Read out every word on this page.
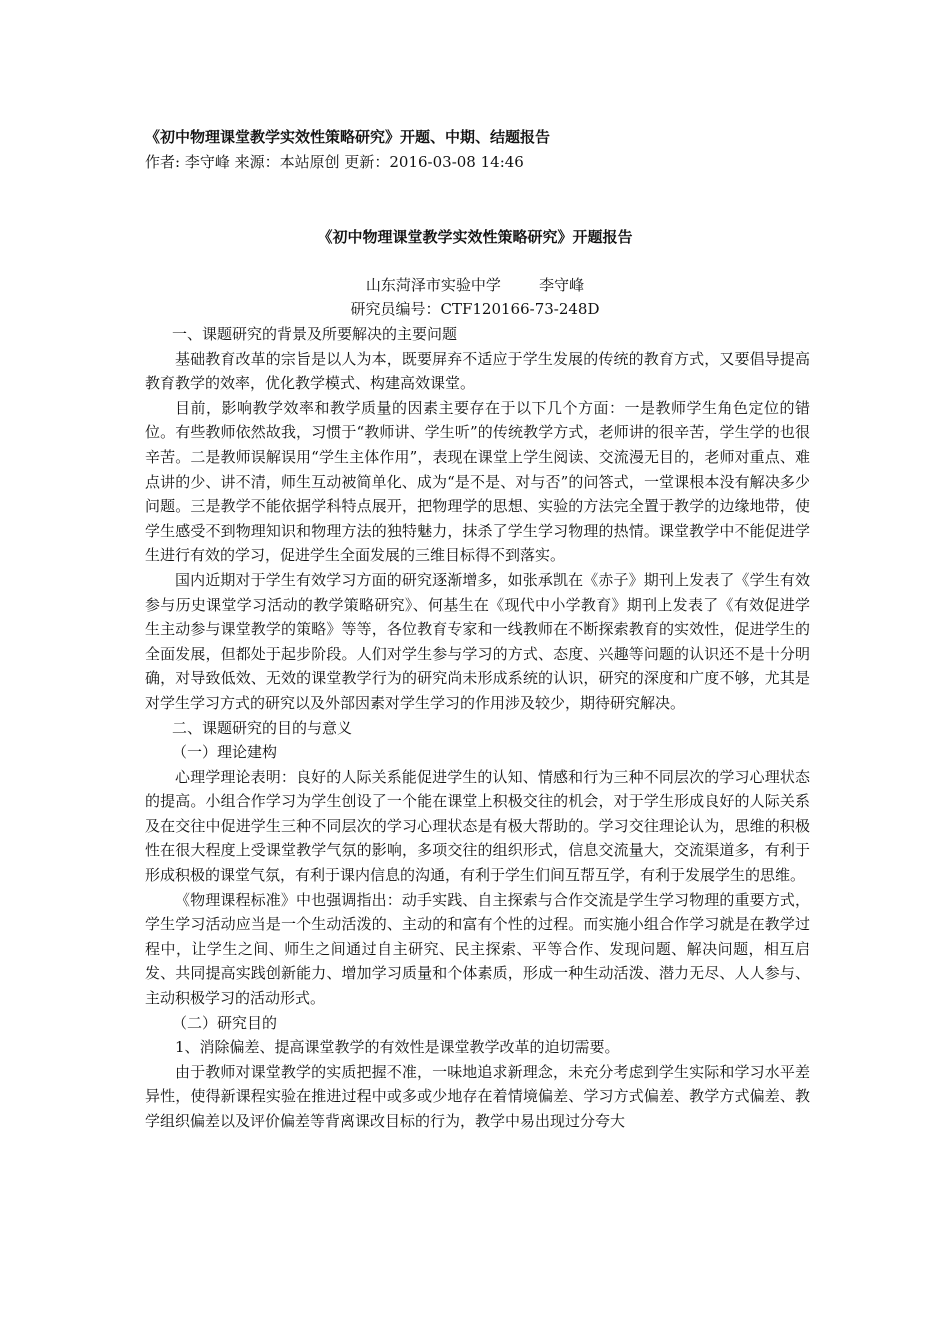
《初中物理课堂教学实效性策略研究》开题、中期、结题报告
作者: 李守峰 来源：本站原创 更新：2016-03-08 14:46
《初中物理课堂教学实效性策略研究》开题报告
山东菏泽市实验中学        李守峰
研究员编号：CTF120166-73-248D

一、课题研究的背景及所要解决的主要问题

基础教育改革的宗旨是以人为本，既要屏弃不适应于学生发展的传统的教育方式，又要倡导提高教育教学的效率，优化教学模式、构建高效课堂。

目前，影响教学效率和教学质量的因素主要存在于以下几个方面：一是教师学生角色定位的错位。有些教师依然故我，习惯于“教师讲、学生听”的传统教学方式，老师讲的很辛苦，学生学的也很辛苦。二是教师误解误用“学生主体作用”，表现在课堂上学生阅读、交流漫无目的，老师对重点、难点讲的少、讲不清，师生互动被简单化、成为“是不是、对与否”的问答式，一堂课根本没有解决多少问题。三是教学不能依据学科特点展开，把物理学的思想、实验的方法完全置于教学的边缘地带，使学生感受不到物理知识和物理方法的独特魅力，抹杀了学生学习物理的热情。课堂教学中不能促进学生进行有效的学习，促进学生全面发展的三维目标得不到落实。

国内近期对于学生有效学习方面的研究逐渐增多，如张承凯在《赤子》期刊上发表了《学生有效参与历史课堂学习活动的教学策略研究》、何基生在《现代中小学教育》期刊上发表了《有效促进学生主动参与课堂教学的策略》等等，各位教育专家和一线教师在不断探索教育的实效性，促进学生的全面发展，但都处于起步阶段。人们对学生参与学习的方式、态度、兴趣等问题的认识还不是十分明确，对导致低效、无效的课堂教学行为的研究尚未形成系统的认识，研究的深度和广度不够，尤其是对学生学习方式的研究以及外部因素对学生学习的作用涉及较少，期待研究解决。

二、课题研究的目的与意义

（一）理论建构

心理学理论表明：良好的人际关系能促进学生的认知、情感和行为三种不同层次的学习心理状态的提高。小组合作学习为学生创设了一个能在课堂上积极交往的机会，对于学生形成良好的人际关系及在交往中促进学生三种不同层次的学习心理状态是有极大帮助的。学习交往理论认为，思维的积极性在很大程度上受课堂教学气氛的影响，多项交往的组织形式，信息交流量大，交流渠道多，有利于形成积极的课堂气氛，有利于课内信息的沟通，有利于学生们间互帮互学，有利于发展学生的思维。

《物理课程标准》中也强调指出：动手实践、自主探索与合作交流是学生学习物理的重要方式，学生学习活动应当是一个生动活泼的、主动的和富有个性的过程。而实施小组合作学习就是在教学过程中，让学生之间、师生之间通过自主研究、民主探索、平等合作、发现问题、解决问题，相互启发、共同提高实践创新能力、增加学习质量和个体素质，形成一种生动活泼、潜力无尽、人人参与、主动积极学习的活动形式。

（二）研究目的

1、消除偏差、提高课堂教学的有效性是课堂教学改革的迫切需要。

由于教师对课堂教学的实质把握不准，一味地追求新理念，未充分考虑到学生实际和学习水平差异性，使得新课程实验在推进过程中或多或少地存在着情境偏差、学习方式偏差、教学方式偏差、教学组织偏差以及评价偏差等背离课改目标的行为，教学中易出现过分夸大
